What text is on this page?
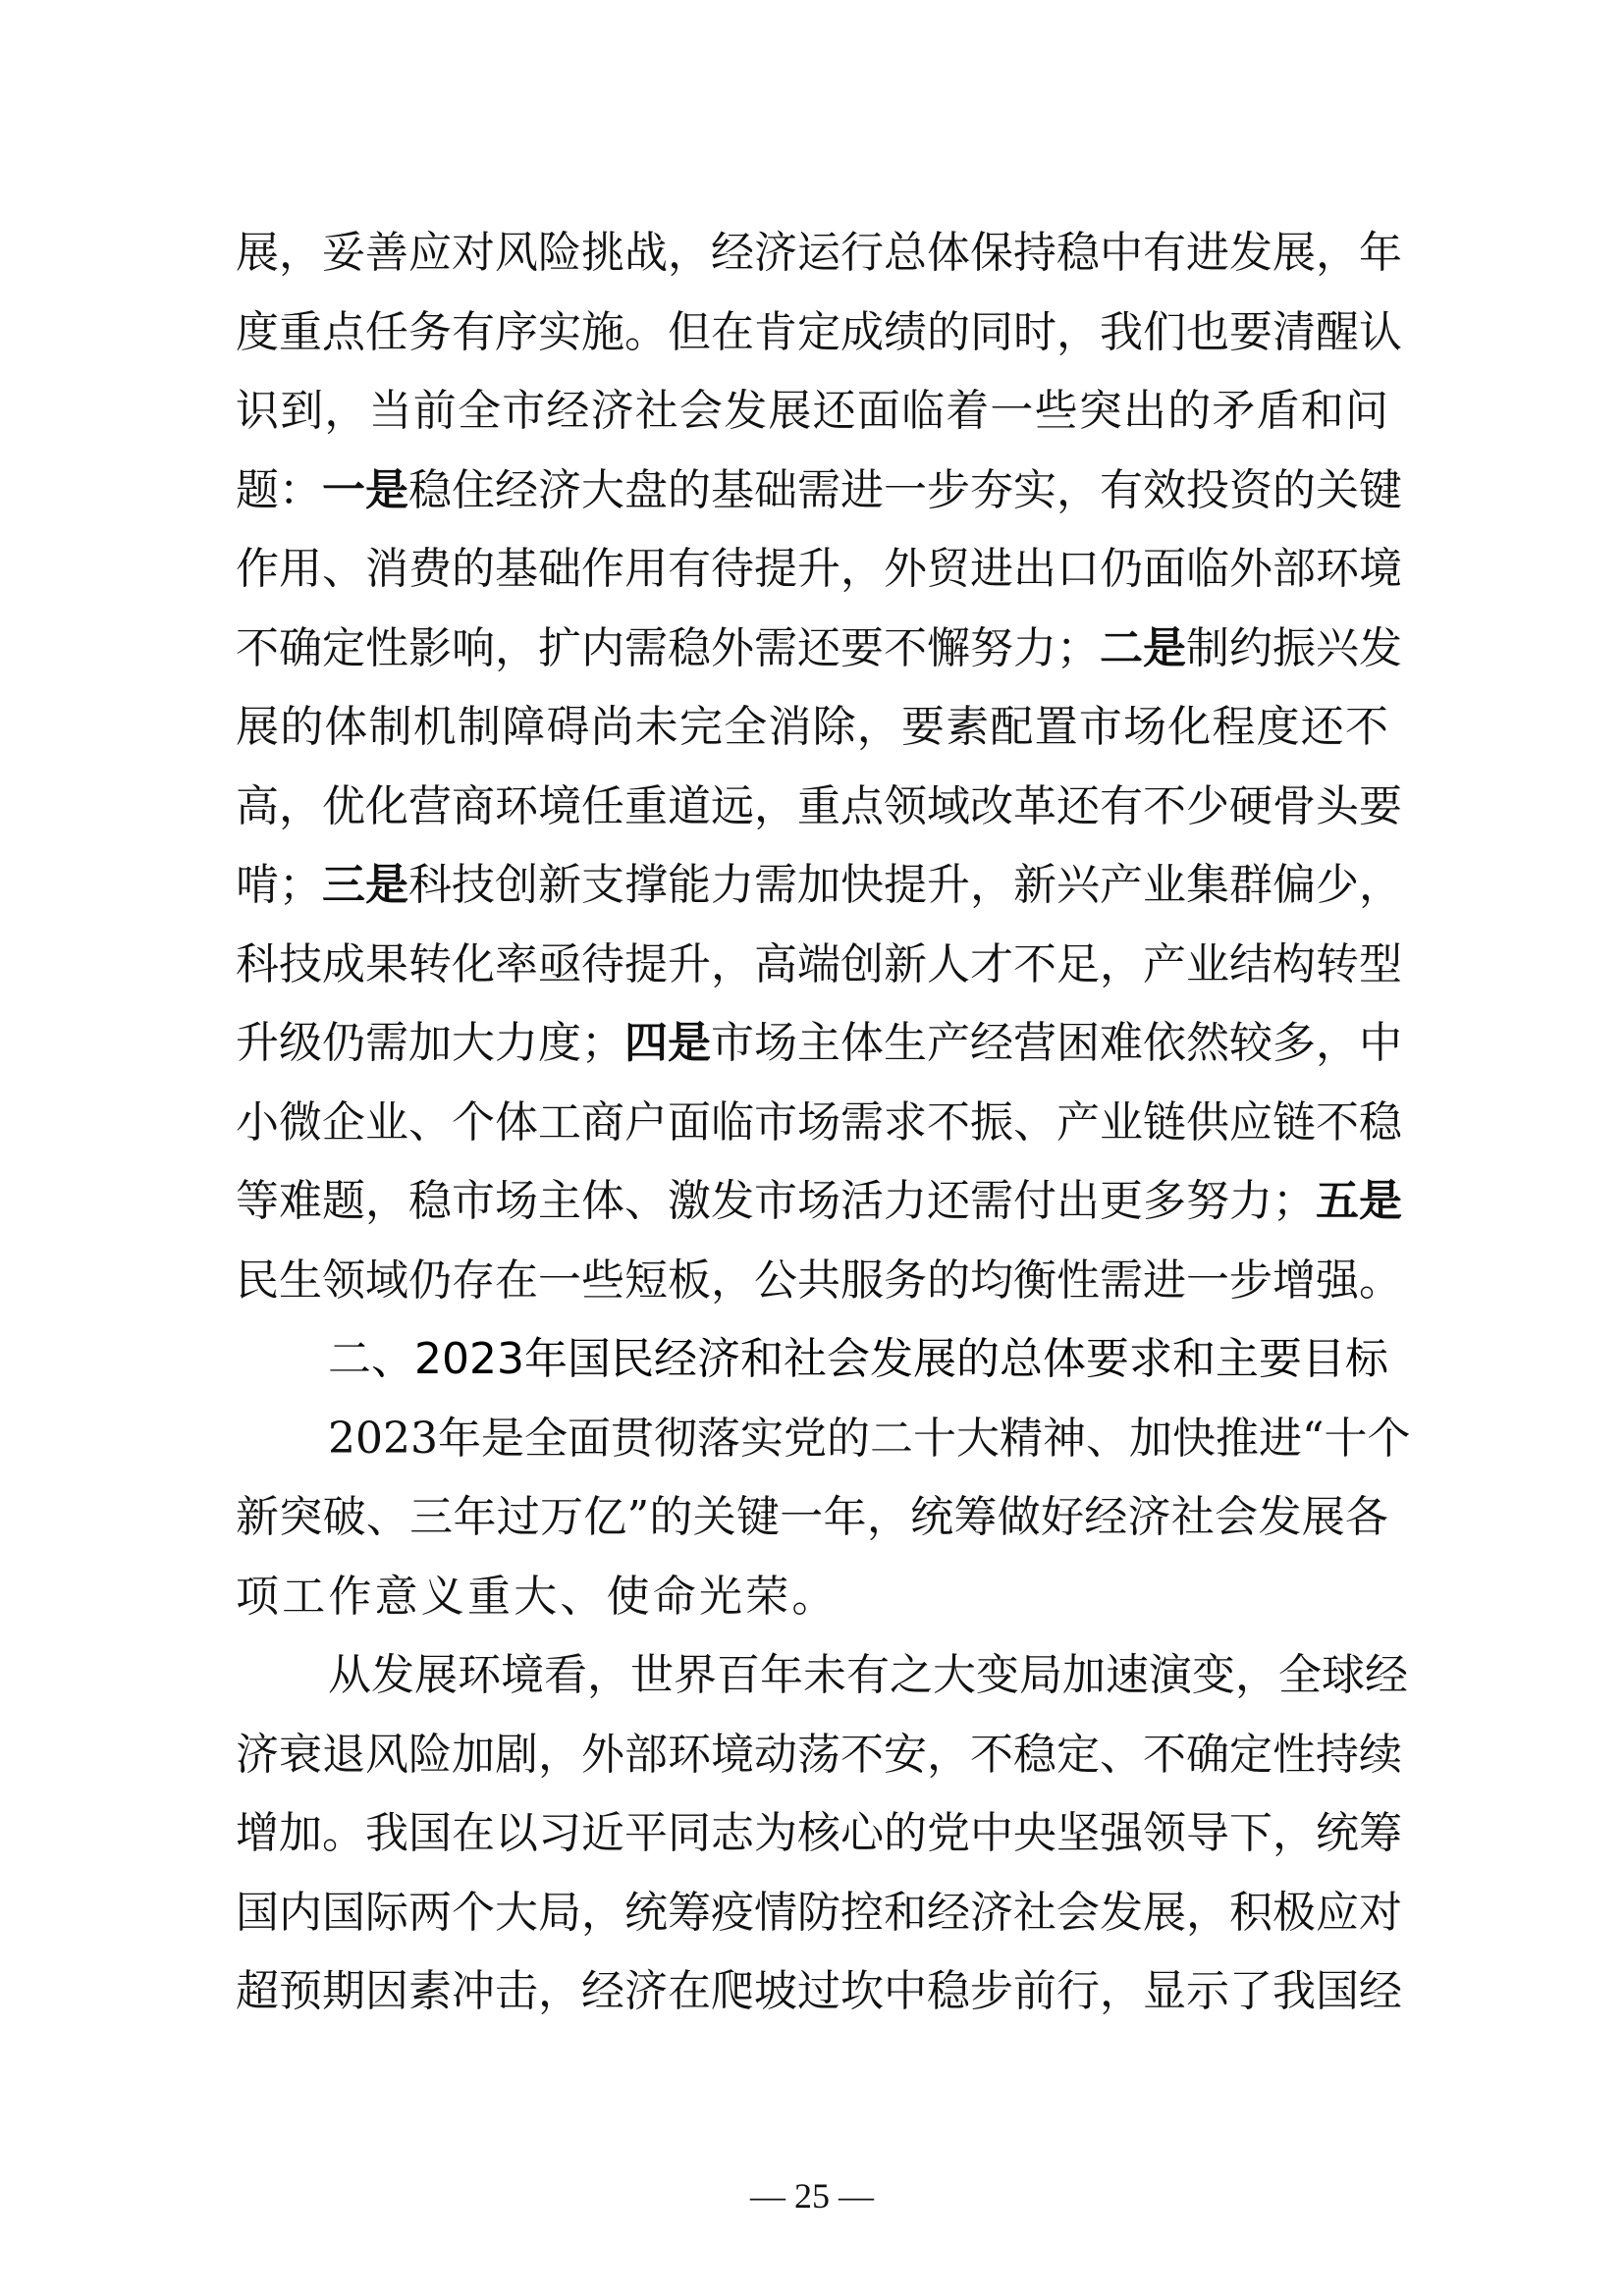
展，妥善应对风险挑战，经济运行总体保持稳中有进发展，年
度重点任务有序实施。但在肯定成绩的同时，我们也要清醒认
识到，当前全市经济社会发展还面临着一些突出的矛盾和问
题：一是稳住经济大盘的基础需进一步夯实，有效投资的关键
作用、消费的基础作用有待提升，外贸进出口仍面临外部环境
不确定性影响，扩内需稳外需还要不懈努力；二是制约振兴发
展的体制机制障碍尚未完全消除，要素配置市场化程度还不
高，优化营商环境任重道远，重点领域改革还有不少硬骨头要
啃；三是科技创新支撑能力需加快提升，新兴产业集群偏少，
科技成果转化率亟待提升，高端创新人才不足，产业结构转型
升级仍需加大力度；四是市场主体生产经营困难依然较多，中
小微企业、个体工商户面临市场需求不振、产业链供应链不稳
等难题，稳市场主体、激发市场活力还需付出更多努力；五是
民生领域仍存在一些短板，公共服务的均衡性需进一步增强。
二、2023年国民经济和社会发展的总体要求和主要目标
2023年是全面贯彻落实党的二十大精神、加快推进“十个
新突破、三年过万亿”的关键一年，统筹做好经济社会发展各
项工作意义重大、使命光荣。
从发展环境看，世界百年未有之大变局加速演变，全球经
济衰退风险加剧，外部环境动荡不安，不稳定、不确定性持续
增加。我国在以习近平同志为核心的党中央坚强领导下，统筹
国内国际两个大局，统筹疫情防控和经济社会发展，积极应对
超预期因素冲击，经济在爬坡过坎中稳步前行，显示了我国经
— 25 —
